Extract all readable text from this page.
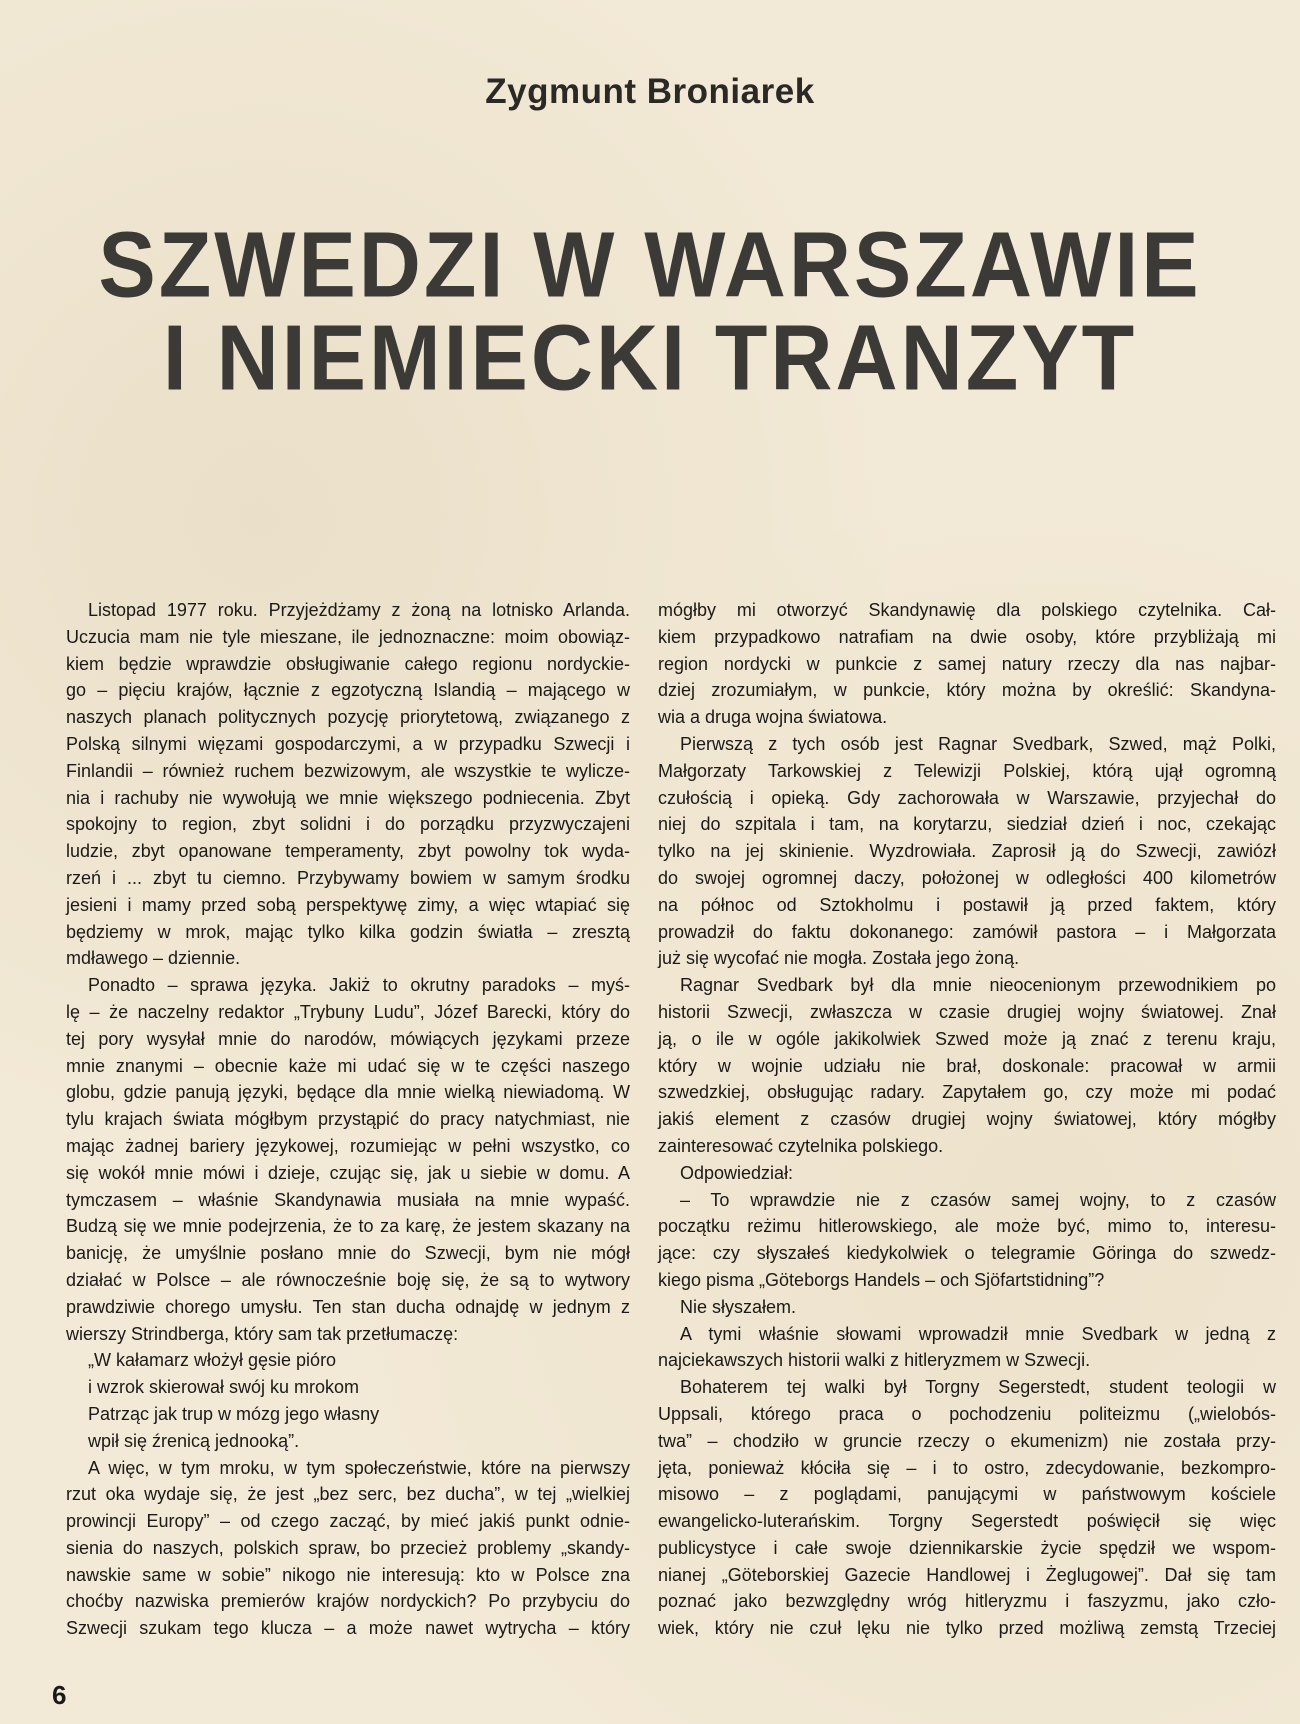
Zygmunt Broniarek
SZWEDZI W WARSZAWIE
I NIEMIECKI TRANZYT
Listopad 1977 roku. Przyjeżdżamy z żoną na lotnisko Arlanda.
Uczucia mam nie tyle mieszane, ile jednoznaczne: moim obowiąz-
kiem będzie wprawdzie obsługiwanie całego regionu nordyckie-
go – pięciu krajów, łącznie z egzotyczną Islandią – mającego w
naszych planach politycznych pozycję priorytetową, związanego z
Polską silnymi więzami gospodarczymi, a w przypadku Szwecji i
Finlandii – również ruchem bezwizowym, ale wszystkie te wylicze-
nia i rachuby nie wywołują we mnie większego podniecenia. Zbyt
spokojny to region, zbyt solidni i do porządku przyzwyczajeni
ludzie, zbyt opanowane temperamenty, zbyt powolny tok wyda-
rzeń i ... zbyt tu ciemno. Przybywamy bowiem w samym środku
jesieni i mamy przed sobą perspektywę zimy, a więc wtapiać się
będziemy w mrok, mając tylko kilka godzin światła – zresztą
mdławego – dziennie.
Ponadto – sprawa języka. Jakiż to okrutny paradoks – myś-
lę – że naczelny redaktor „Trybuny Ludu”, Józef Barecki, który do
tej pory wysyłał mnie do narodów, mówiących językami przeze
mnie znanymi – obecnie każe mi udać się w te części naszego
globu, gdzie panują języki, będące dla mnie wielką niewiadomą. W
tylu krajach świata mógłbym przystąpić do pracy natychmiast, nie
mając żadnej bariery językowej, rozumiejąc w pełni wszystko, co
się wokół mnie mówi i dzieje, czując się, jak u siebie w domu. A
tymczasem – właśnie Skandynawia musiała na mnie wypaść.
Budzą się we mnie podejrzenia, że to za karę, że jestem skazany na
banicję, że umyślnie posłano mnie do Szwecji, bym nie mógł
działać w Polsce – ale równocześnie boję się, że są to wytwory
prawdziwie chorego umysłu. Ten stan ducha odnajdę w jednym z
wierszy Strindberga, który sam tak przetłumaczę:
„W kałamarz włożył gęsie pióro
i wzrok skierował swój ku mrokom
Patrząc jak trup w mózg jego własny
wpił się źrenicą jednooką”.
A więc, w tym mroku, w tym społeczeństwie, które na pierwszy
rzut oka wydaje się, że jest „bez serc, bez ducha”, w tej „wielkiej
prowincji Europy” – od czego zacząć, by mieć jakiś punkt odnie-
sienia do naszych, polskich spraw, bo przecież problemy „skandy-
nawskie same w sobie” nikogo nie interesują: kto w Polsce zna
choćby nazwiska premierów krajów nordyckich? Po przybyciu do
Szwecji szukam tego klucza – a może nawet wytrycha – który
mógłby mi otworzyć Skandynawię dla polskiego czytelnika. Cał-
kiem przypadkowo natrafiam na dwie osoby, które przybliżają mi
region nordycki w punkcie z samej natury rzeczy dla nas najbar-
dziej zrozumiałym, w punkcie, który można by określić: Skandyna-
wia a druga wojna światowa.
Pierwszą z tych osób jest Ragnar Svedbark, Szwed, mąż Polki,
Małgorzaty Tarkowskiej z Telewizji Polskiej, którą ujął ogromną
czułością i opieką. Gdy zachorowała w Warszawie, przyjechał do
niej do szpitala i tam, na korytarzu, siedział dzień i noc, czekając
tylko na jej skinienie. Wyzdrowiała. Zaprosił ją do Szwecji, zawiózł
do swojej ogromnej daczy, położonej w odległości 400 kilometrów
na północ od Sztokholmu i postawił ją przed faktem, który
prowadził do faktu dokonanego: zamówił pastora – i Małgorzata
już się wycofać nie mogła. Została jego żoną.
Ragnar Svedbark był dla mnie nieocenionym przewodnikiem po
historii Szwecji, zwłaszcza w czasie drugiej wojny światowej. Znał
ją, o ile w ogóle jakikolwiek Szwed może ją znać z terenu kraju,
który w wojnie udziału nie brał, doskonale: pracował w armii
szwedzkiej, obsługując radary. Zapytałem go, czy może mi podać
jakiś element z czasów drugiej wojny światowej, który mógłby
zainteresować czytelnika polskiego.
Odpowiedział:
– To wprawdzie nie z czasów samej wojny, to z czasów
początku reżimu hitlerowskiego, ale może być, mimo to, interesu-
jące: czy słyszałeś kiedykolwiek o telegramie Göringa do szwedz-
kiego pisma „Göteborgs Handels – och Sjöfartstidning”?
Nie słyszałem.
A tymi właśnie słowami wprowadził mnie Svedbark w jedną z
najciekawszych historii walki z hitleryzmem w Szwecji.
Bohaterem tej walki był Torgny Segerstedt, student teologii w
Uppsali, którego praca o pochodzeniu politeizmu („wielobós-
twa” – chodziło w gruncie rzeczy o ekumenizm) nie została przy-
jęta, ponieważ kłóciła się – i to ostro, zdecydowanie, bezkompro-
misowo – z poglądami, panującymi w państwowym kościele
ewangelicko-luterańskim. Torgny Segerstedt poświęcił się więc
publicystyce i całe swoje dziennikarskie życie spędził we wspom-
nianej „Göteborskiej Gazecie Handlowej i Żeglugowej”. Dał się tam
poznać jako bezwzględny wróg hitleryzmu i faszyzmu, jako czło-
wiek, który nie czuł lęku nie tylko przed możliwą zemstą Trzeciej
6
